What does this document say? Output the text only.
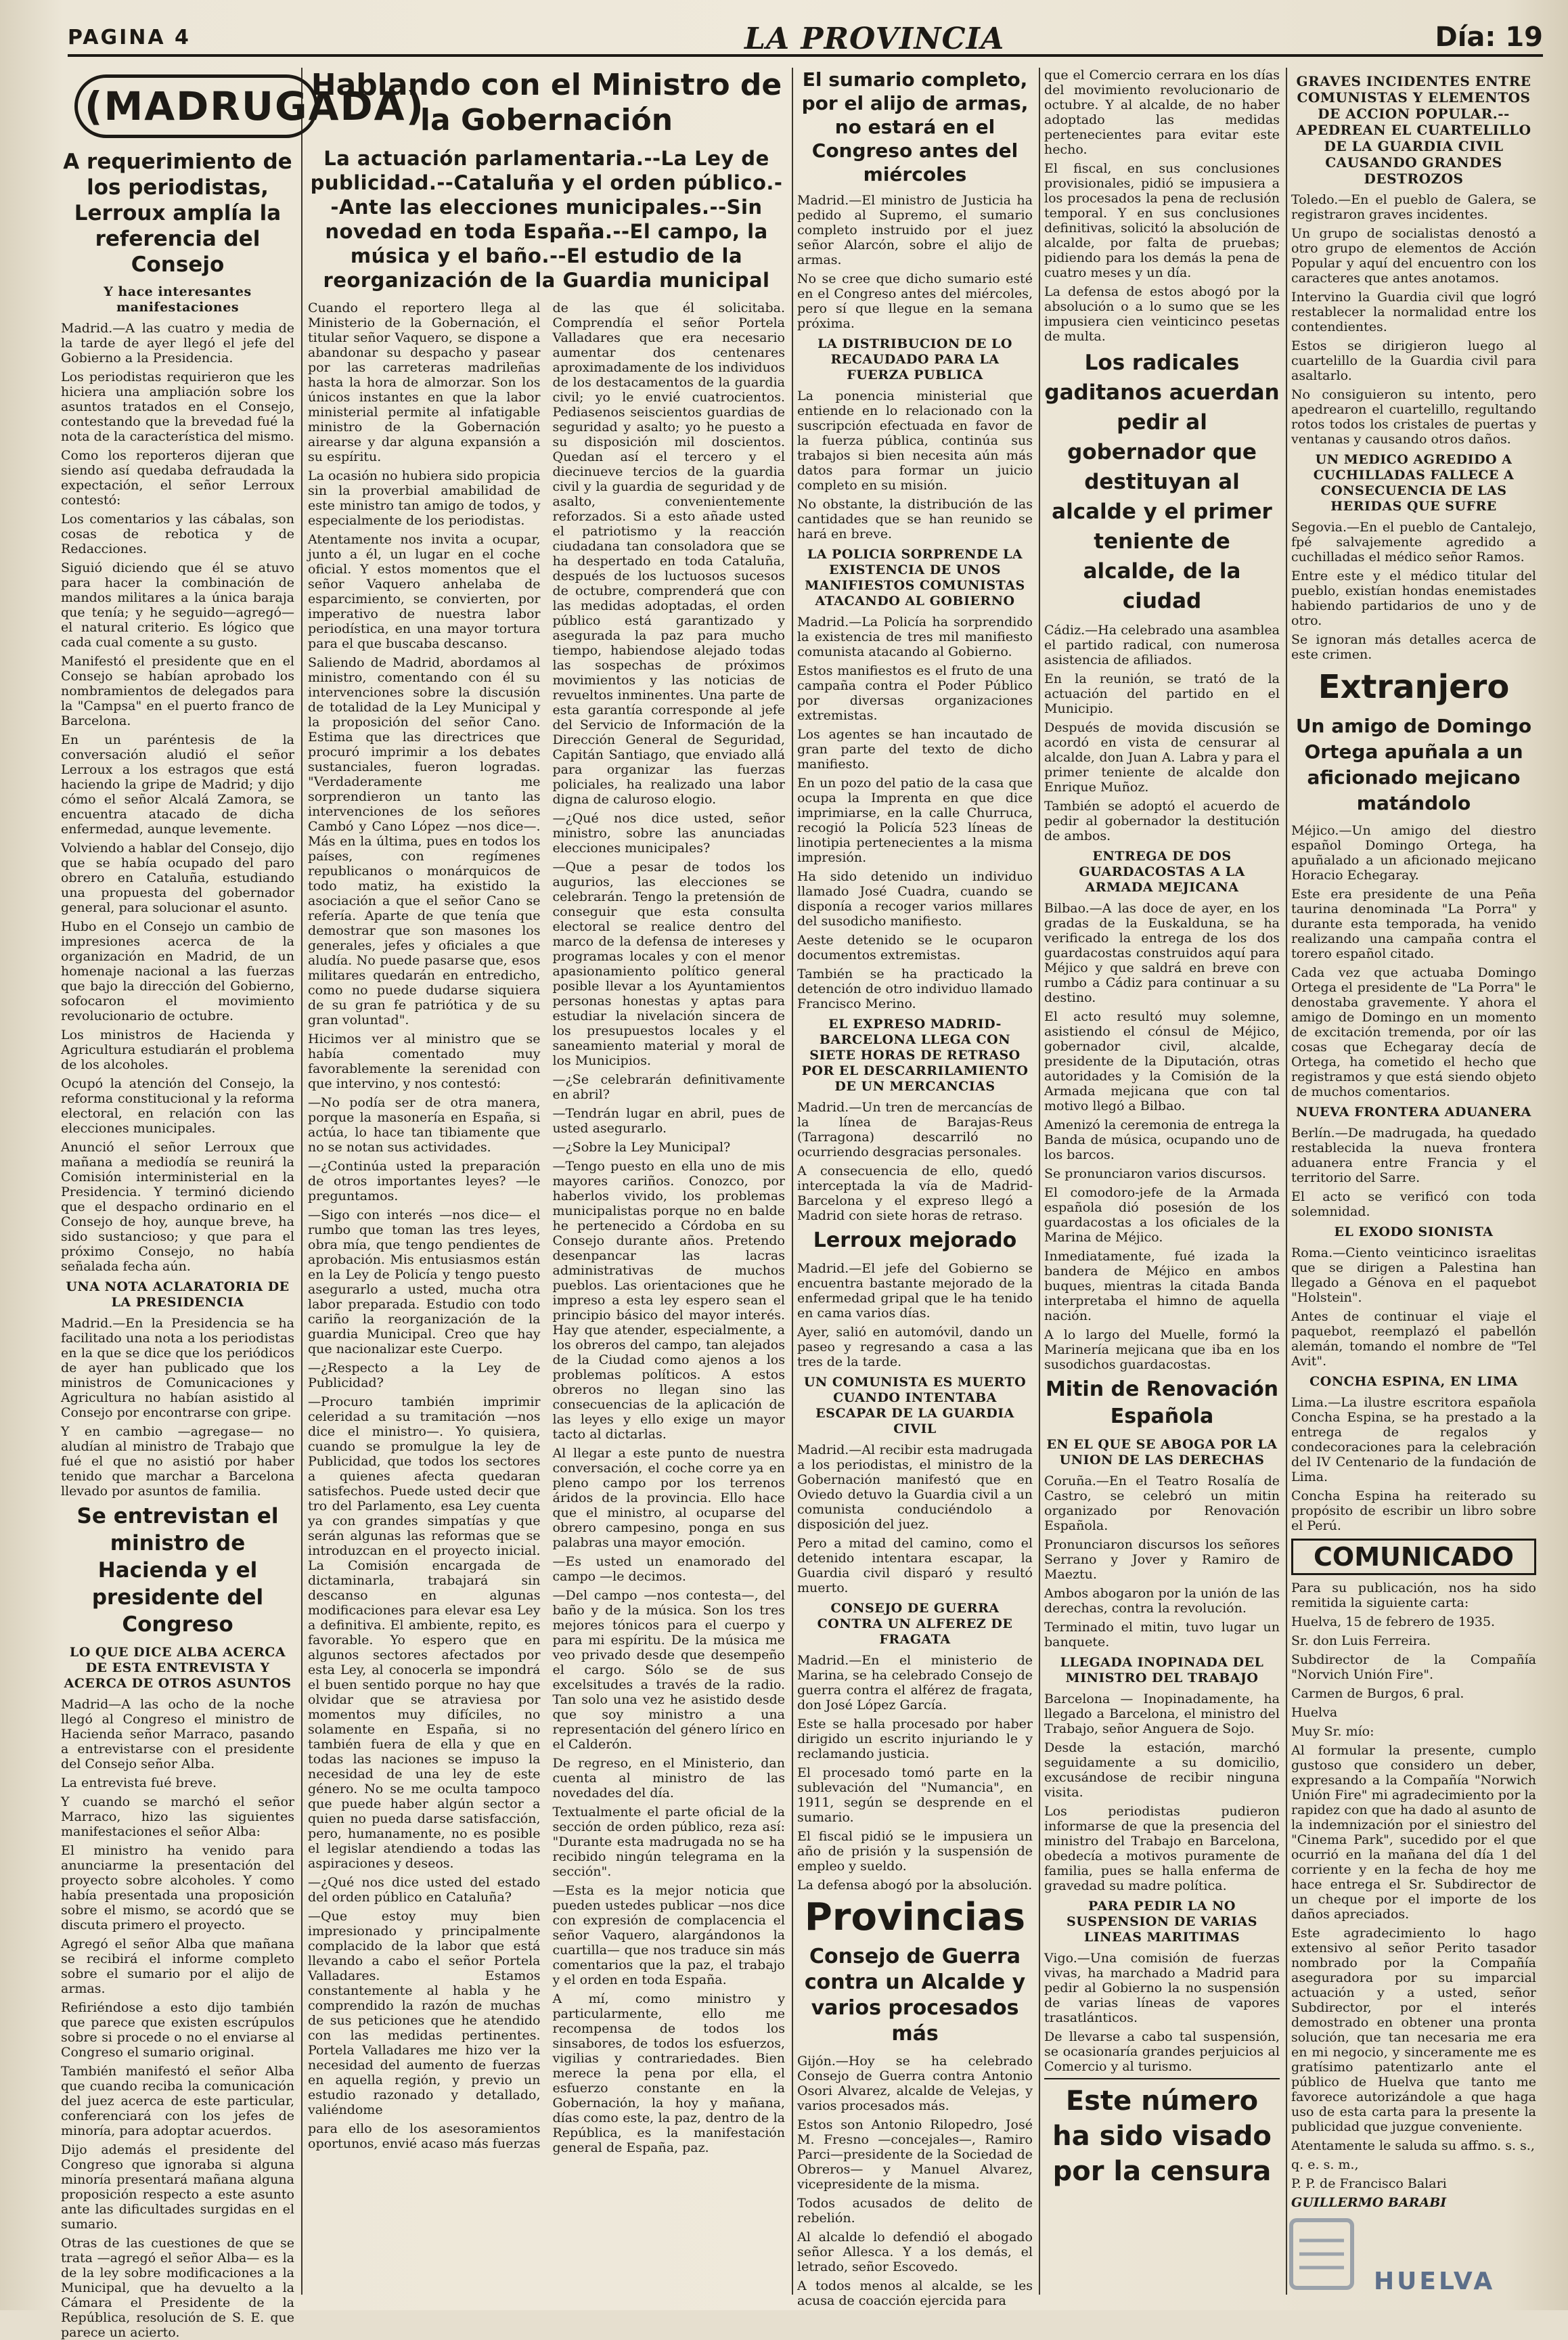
PAGINA 4	LA PROVINCIA	Día: 19
(MADRUGADA)
A requerimiento de los periodistas, Lerroux amplía la referencia del Consejo
Y hace interesantes manifestaciones

Madrid.—A las cuatro y media de la tarde de ayer llegó el jefe del Gobierno a la Presidencia.

Los periodistas requirieron que les hiciera una ampliación sobre los asuntos tratados en el Consejo, contestando que la brevedad fué la nota de la característica del mismo.

Como los reporteros dijeran que siendo así quedaba defraudada la expectación, el señor Lerroux contestó:

Los comentarios y las cábalas, son cosas de rebotica y de Redacciones.

Siguió diciendo que él se atuvo para hacer la combinación de mandos militares a la única baraja que tenía; y he seguido—agregó—el natural criterio. Es lógico que cada cual comente a su gusto.

Manifestó el presidente que en el Consejo se habían aprobado los nombramientos de delegados para la "Campsa" en el puerto franco de Barcelona.

En un paréntesis de la conversación aludió el señor Lerroux a los estragos que está haciendo la gripe de Madrid; y dijo cómo el señor Alcalá Zamora, se encuentra atacado de dicha enfermedad, aunque levemente.

Volviendo a hablar del Consejo, dijo que se había ocupado del paro obrero en Cataluña, estudiando una propuesta del gobernador general, para solucionar el asunto.

Hubo en el Consejo un cambio de impresiones acerca de la organización en Madrid, de un homenaje nacional a las fuerzas que bajo la dirección del Gobierno, sofocaron el movimiento revolucionario de octubre.

Los ministros de Hacienda y Agricultura estudiarán el problema de los alcoholes.

Ocupó la atención del Consejo, la reforma constitucional y la reforma electoral, en relación con las elecciones municipales.

Anunció el señor Lerroux que mañana a mediodía se reunirá la Comisión interministerial en la Presidencia. Y terminó diciendo que el despacho ordinario en el Consejo de hoy, aunque breve, ha sido sustancioso; y que para el próximo Consejo, no había señalada fecha aún.

UNA NOTA ACLARATORIA DE LA PRESIDENCIA

Madrid.—En la Presidencia se ha facilitado una nota a los periodistas en la que se dice que los periódicos de ayer han publicado que los ministros de Comunicaciones y Agricultura no habían asistido al Consejo por encontrarse con gripe.

Y en cambio —agregase— no aludían al ministro de Trabajo que fué el que no asistió por haber tenido que marchar a Barcelona llevado por asuntos de familia.

Se entrevistan el ministro de Hacienda y el presidente del Congreso
LO QUE DICE ALBA ACERCA DE ESTA ENTREVISTA Y ACERCA DE OTROS ASUNTOS

Madrid—A las ocho de la noche llegó al Congreso el ministro de Hacienda señor Marraco, pasando a entrevistarse con el presidente del Consejo señor Alba.

La entrevista fué breve.

Y cuando se marchó el señor Marraco, hizo las siguientes manifestaciones el señor Alba:

El ministro ha venido para anunciarme la presentación del proyecto sobre alcoholes. Y como había presentada una proposición sobre el mismo, se acordó que se discuta primero el proyecto.

Agregó el señor Alba que mañana se recibirá el informe completo sobre el sumario por el alijo de armas.

Refiriéndose a esto dijo también que parece que existen escrúpulos sobre si procede o no el enviarse al Congreso el sumario original.

También manifestó el señor Alba que cuando reciba la comunicación del juez acerca de este particular, conferenciará con los jefes de minoría, para adoptar acuerdos.

Dijo además el presidente del Congreso que ignoraba si alguna minoría presentará mañana alguna proposición respecto a este asunto ante las dificultades surgidas en el sumario.

Otras de las cuestiones de que se trata —agregó el señor Alba— es la de la ley sobre modificaciones a la Municipal, que ha devuelto a la Cámara el Presidente de la República, resolución de S. E. que parece un acierto.

Hablando con el Ministro de la Gobernación
La actuación parlamentaria.--La Ley de publicidad.--Cataluña y el orden público.--Ante las elecciones municipales.--Sin novedad en toda España.--El campo, la música y el baño.--El estudio de la reorganización de la Guardia municipal

Cuando el reportero llega al Ministerio de la Gobernación, el titular señor Vaquero, se dispone a abandonar su despacho y pasear por las carreteras madrileñas hasta la hora de almorzar. Son los únicos instantes en que la labor ministerial permite al infatigable ministro de la Gobernación airearse y dar alguna expansión a su espíritu.

La ocasión no hubiera sido propicia sin la proverbial amabilidad de este ministro tan amigo de todos, y especialmente de los periodistas.

Atentamente nos invita a ocupar, junto a él, un lugar en el coche oficial. Y estos momentos que el señor Vaquero anhelaba de esparcimiento, se convierten, por imperativo de nuestra labor periodística, en una mayor tortura para el que buscaba descanso.

Saliendo de Madrid, abordamos al ministro, comentando con él su intervenciones sobre la discusión de totalidad de la Ley Municipal y la proposición del señor Cano. Estima que las directrices que procuró imprimir a los debates sustanciales, fueron logradas. "Verdaderamente me sorprendieron un tanto las intervenciones de los señores Cambó y Cano López —nos dice—. Más en la última, pues en todos los países, con regímenes republicanos o monárquicos de todo matiz, ha existido la asociación a que el señor Cano se refería. Aparte de que tenía que demostrar que son masones los generales, jefes y oficiales a que aludía. No puede pasarse que, esos militares quedarán en entredicho, como no puede dudarse siquiera de su gran fe patriótica y de su gran voluntad".

Hicimos ver al ministro que se había comentado muy favorablemente la serenidad con que intervino, y nos contestó:

—No podía ser de otra manera, porque la masonería en España, si actúa, lo hace tan tibiamente que no se notan sus actividades.

—¿Continúa usted la preparación de otros importantes leyes? —le preguntamos.

—Sigo con interés —nos dice— el rumbo que toman las tres leyes, obra mía, que tengo pendientes de aprobación. Mis entusiasmos están en la Ley de Policía y tengo puesto asegurarlo a usted, mucha otra labor preparada. Estudio con todo cariño la reorganización de la guardia Municipal. Creo que hay que nacionalizar este Cuerpo.

—¿Respecto a la Ley de Publicidad?

—Procuro también imprimir celeridad a su tramitación —nos dice el ministro—. Yo quisiera, cuando se promulgue la ley de Publicidad, que todos los sectores a quienes afecta quedaran satisfechos. Puede usted decir que tro del Parlamento, esa Ley cuenta ya con grandes simpatías y que serán algunas las reformas que se introduzcan en el proyecto inicial. La Comisión encargada de dictaminarla, trabajará sin descanso en algunas modificaciones para elevar esa Ley a definitiva. El ambiente, repito, es favorable. Yo espero que en algunos sectores afectados por esta Ley, al conocerla se impondrá el buen sentido porque no hay que olvidar que se atraviesa por momentos muy difíciles, no solamente en España, si no también fuera de ella y que en todas las naciones se impuso la necesidad de una ley de este género. No se me oculta tampoco que puede haber algún sector a quien no pueda darse satisfacción, pero, humanamente, no es posible el legislar atendiendo a todas las aspiraciones y deseos.

—¿Qué nos dice usted del estado del orden público en Cataluña?

—Que estoy muy bien impresionado y principalmente complacido de la labor que está llevando a cabo el señor Portela Valladares. Estamos constantemente al habla y he comprendido la razón de muchas de sus peticiones que he atendido con las medidas pertinentes. Portela Valladares me hizo ver la necesidad del aumento de fuerzas en aquella región, y previo un estudio razonado y detallado, valiéndome

para ello de los asesoramientos oportunos, envié acaso más fuerzas de las que él solicitaba. Comprendía el señor Portela Valladares que era necesario aumentar dos centenares aproximadamente de los individuos de los destacamentos de la guardia civil; yo le envié cuatrocientos. Pediasenos seiscientos guardias de seguridad y asalto; yo he puesto a su disposición mil doscientos. Quedan así el tercero y el diecinueve tercios de la guardia civil y la guardia de seguridad y de asalto, convenientemente reforzados. Si a esto añade usted el patriotismo y la reacción ciudadana tan consoladora que se ha despertado en toda Cataluña, después de los luctuosos sucesos de octubre, comprenderá que con las medidas adoptadas, el orden público está garantizado y asegurada la paz para mucho tiempo, habiendose alejado todas las sospechas de próximos movimientos y las noticias de revueltos inminentes. Una parte de esta garantía corresponde al jefe del Servicio de Información de la Dirección General de Seguridad, Capitán Santiago, que enviado allá para organizar las fuerzas policiales, ha realizado una labor digna de caluroso elogio.

—¿Qué nos dice usted, señor ministro, sobre las anunciadas elecciones municipales?

—Que a pesar de todos los augurios, las elecciones se celebrarán. Tengo la pretensión de conseguir que esta consulta electoral se realice dentro del marco de la defensa de intereses y programas locales y con el menor apasionamiento político general posible llevar a los Ayuntamientos personas honestas y aptas para estudiar la nivelación sincera de los presupuestos locales y el saneamiento material y moral de los Municipios.

—¿Se celebrarán definitivamente en abril?

—Tendrán lugar en abril, pues de usted asegurarlo.

—¿Sobre la Ley Municipal?

—Tengo puesto en ella uno de mis mayores cariños. Conozco, por haberlos vivido, los problemas municipalistas porque no en balde he pertenecido a Córdoba en su Consejo durante años. Pretendo desenpancar las lacras administrativas de muchos pueblos. Las orientaciones que he impreso a esta ley espero sean el principio básico del mayor interés. Hay que atender, especialmente, a los obreros del campo, tan alejados de la Ciudad como ajenos a los problemas políticos. A estos obreros no llegan sino las consecuencias de la aplicación de las leyes y ello exige un mayor tacto al dictarlas.

Al llegar a este punto de nuestra conversación, el coche corre ya en pleno campo por los terrenos áridos de la provincia. Ello hace que el ministro, al ocuparse del obrero campesino, ponga en sus palabras una mayor emoción.

—Es usted un enamorado del campo —le decimos.

—Del campo —nos contesta—, del baño y de la música. Son los tres mejores tónicos para el cuerpo y para mi espíritu. De la música me veo privado desde que desempeño el cargo. Sólo se de sus excelsitudes a través de la radio. Tan solo una vez he asistido desde que soy ministro a una representación del género lírico en el Calderón.

De regreso, en el Ministerio, dan cuenta al ministro de las novedades del día.

Textualmente el parte oficial de la sección de orden público, reza así: "Durante esta madrugada no se ha recibido ningún telegrama en la sección".

—Esta es la mejor noticia que pueden ustedes publicar —nos dice con expresión de complacencia el señor Vaquero, alargándonos la cuartilla— que nos traduce sin más comentarios que la paz, el trabajo y el orden en toda España.

A mí, como ministro y particularmente, ello me recompensa de todos los sinsabores, de todos los esfuerzos, vigilias y contrariedades. Bien merece la pena por ella, el esfuerzo constante en la Gobernación, la hoy y mañana, días como este, la paz, dentro de la República, es la manifestación general de España, paz.

El sumario completo, por el alijo de armas, no estará en el Congreso antes del miércoles

Madrid.—El ministro de Justicia ha pedido al Supremo, el sumario completo instruido por el juez señor Alarcón, sobre el alijo de armas.

No se cree que dicho sumario esté en el Congreso antes del miércoles, pero sí que llegue en la semana próxima.

LA DISTRIBUCION DE LO RECAUDADO PARA LA FUERZA PUBLICA

La ponencia ministerial que entiende en lo relacionado con la suscripción efectuada en favor de la fuerza pública, continúa sus trabajos si bien necesita aún más datos para formar un juicio completo en su misión.

No obstante, la distribución de las cantidades que se han reunido se hará en breve.

LA POLICIA SORPRENDE LA EXISTENCIA DE UNOS MANIFIESTOS COMUNISTAS ATACANDO AL GOBIERNO

Madrid.—La Policía ha sorprendido la existencia de tres mil manifiesto comunista atacando al Gobierno.

Estos manifiestos es el fruto de una campaña contra el Poder Público por diversas organizaciones extremistas.

Los agentes se han incautado de gran parte del texto de dicho manifiesto.

En un pozo del patio de la casa que ocupa la Imprenta en que dice imprimiarse, en la calle Churruca, recogió la Policía 523 líneas de linotipia pertenecientes a la misma impresión.

Ha sido detenido un individuo llamado José Cuadra, cuando se disponía a recoger varios millares del susodicho manifiesto.

Aeste detenido se le ocuparon documentos extremistas.

También se ha practicado la detención de otro individuo llamado Francisco Merino.

EL EXPRESO MADRID-BARCELONA LLEGA CON SIETE HORAS DE RETRASO POR EL DESCARRILAMIENTO DE UN MERCANCIAS

Madrid.—Un tren de mercancías de la línea de Barajas-Reus (Tarragona) descarriló no ocurriendo desgracias personales.

A consecuencia de ello, quedó interceptada la vía de Madrid-Barcelona y el expreso llegó a Madrid con siete horas de retraso.

Lerroux mejorado

Madrid.—El jefe del Gobierno se encuentra bastante mejorado de la enfermedad gripal que le ha tenido en cama varios días.

Ayer, salió en automóvil, dando un paseo y regresando a casa a las tres de la tarde.

UN COMUNISTA ES MUERTO CUANDO INTENTABA ESCAPAR DE LA GUARDIA CIVIL

Madrid.—Al recibir esta madrugada a los periodistas, el ministro de la Gobernación manifestó que en Oviedo detuvo la Guardia civil a un comunista conduciéndolo a disposición del juez.

Pero a mitad del camino, como el detenido intentara escapar, la Guardia civil disparó y resultó muerto.

CONSEJO DE GUERRA CONTRA UN ALFEREZ DE FRAGATA

Madrid.—En el ministerio de Marina, se ha celebrado Consejo de guerra contra el alférez de fragata, don José López García.

Este se halla procesado por haber dirigido un escrito injuriando le y reclamando justicia.

El procesado tomó parte en la sublevación del "Numancia", en 1911, según se desprende en el sumario.

El fiscal pidió se le impusiera un año de prisión y la suspensión de empleo y sueldo.

La defensa abogó por la absolución.

Provincias
Consejo de Guerra contra un Alcalde y varios procesados más

Gijón.—Hoy se ha celebrado Consejo de Guerra contra Antonio Osori Alvarez, alcalde de Velejas, y varios procesados más.

Estos son Antonio Rilopedro, José M. Fresno —concejales—, Ramiro Parci—presidente de la Sociedad de Obreros— y Manuel Alvarez, vicepresidente de la misma.

Todos acusados de delito de rebelión.

Al alcalde lo defendió el abogado señor Allesca. Y a los demás, el letrado, señor Escovedo.

A todos menos al alcalde, se les acusa de coacción ejercida para

que el Comercio cerrara en los días del movimiento revolucionario de octubre. Y al alcalde, de no haber adoptado las medidas pertenecientes para evitar este hecho.

El fiscal, en sus conclusiones provisionales, pidió se impusiera a los procesados la pena de reclusión temporal. Y en sus conclusiones definitivas, solicitó la absolución de alcalde, por falta de pruebas; pidiendo para los demás la pena de cuatro meses y un día.

La defensa de estos abogó por la absolución o a lo sumo que se les impusiera cien veinticinco pesetas de multa.

Los radicales gaditanos acuerdan pedir al gobernador que destituyan al alcalde y el primer teniente de alcalde, de la ciudad

Cádiz.—Ha celebrado una asamblea el partido radical, con numerosa asistencia de afiliados.

En la reunión, se trató de la actuación del partido en el Municipio.

Después de movida discusión se acordó en vista de censurar al alcalde, don Juan A. Labra y para el primer teniente de alcalde don Enrique Muñoz.

También se adoptó el acuerdo de pedir al gobernador la destitución de ambos.

ENTREGA DE DOS GUARDACOSTAS A LA ARMADA MEJICANA

Bilbao.—A las doce de ayer, en los gradas de la Euskalduna, se ha verificado la entrega de los dos guardacostas construidos aquí para Méjico y que saldrá en breve con rumbo a Cádiz para continuar a su destino.

El acto resultó muy solemne, asistiendo el cónsul de Méjico, gobernador civil, alcalde, presidente de la Diputación, otras autoridades y la Comisión de la Armada mejicana que con tal motivo llegó a Bilbao.

Amenizó la ceremonia de entrega la Banda de música, ocupando uno de los barcos.

Se pronunciaron varios discursos.

El comodoro-jefe de la Armada española dió posesión de los guardacostas a los oficiales de la Marina de Méjico.

Inmediatamente, fué izada la bandera de Méjico en ambos buques, mientras la citada Banda interpretaba el himno de aquella nación.

A lo largo del Muelle, formó la Marinería mejicana que iba en los susodichos guardacostas.

Mitin de Renovación Española
EN EL QUE SE ABOGA POR LA UNION DE LAS DERECHAS

Coruña.—En el Teatro Rosalía de Castro, se celebró un mitin organizado por Renovación Española.

Pronunciaron discursos los señores Serrano y Jover y Ramiro de Maeztu.

Ambos abogaron por la unión de las derechas, contra la revolución.

Terminado el mitin, tuvo lugar un banquete.

LLEGADA INOPINADA DEL MINISTRO DEL TRABAJO

Barcelona — Inopinadamente, ha llegado a Barcelona, el ministro del Trabajo, señor Anguera de Sojo.

Desde la estación, marchó seguidamente a su domicilio, excusándose de recibir ninguna visita.

Los periodistas pudieron informarse de que la presencia del ministro del Trabajo en Barcelona, obedecía a motivos puramente de familia, pues se halla enferma de gravedad su madre política.

PARA PEDIR LA NO SUSPENSION DE VARIAS LINEAS MARITIMAS

Vigo.—Una comisión de fuerzas vivas, ha marchado a Madrid para pedir al Gobierno la no suspensión de varias líneas de vapores trasatlánticos.

De llevarse a cabo tal suspensión, se ocasionaría grandes perjuicios al Comercio y al turismo.

Este número ha sido visado por la censura
GRAVES INCIDENTES ENTRE COMUNISTAS Y ELEMENTOS DE ACCION POPULAR.--APEDREAN EL CUARTELILLO DE LA GUARDIA CIVIL CAUSANDO GRANDES DESTROZOS

Toledo.—En el pueblo de Galera, se registraron graves incidentes.

Un grupo de socialistas denostó a otro grupo de elementos de Acción Popular y aquí del encuentro con los caracteres que antes anotamos.

Intervino la Guardia civil que logró restablecer la normalidad entre los contendientes.

Estos se dirigieron luego al cuartelillo de la Guardia civil para asaltarlo.

No consiguieron su intento, pero apedrearon el cuartelillo, regultando rotos todos los cristales de puertas y ventanas y causando otros daños.

UN MEDICO AGREDIDO A CUCHILLADAS FALLECE A CONSECUENCIA DE LAS HERIDAS QUE SUFRE

Segovia.—En el pueblo de Cantalejo, fpé salvajemente agredido a cuchilladas el médico señor Ramos.

Entre este y el médico titular del pueblo, existían hondas enemistades habiendo partidarios de uno y de otro.

Se ignoran más detalles acerca de este crimen.

Extranjero
Un amigo de Domingo Ortega apuñala a un aficionado mejicano matándolo

Méjico.—Un amigo del diestro español Domingo Ortega, ha apuñalado a un aficionado mejicano Horacio Echegaray.

Este era presidente de una Peña taurina denominada "La Porra" y durante esta temporada, ha venido realizando una campaña contra el torero español citado.

Cada vez que actuaba Domingo Ortega el presidente de "La Porra" le denostaba gravemente. Y ahora el amigo de Domingo en un momento de excitación tremenda, por oír las cosas que Echegaray decía de Ortega, ha cometido el hecho que registramos y que está siendo objeto de muchos comentarios.

NUEVA FRONTERA ADUANERA

Berlín.—De madrugada, ha quedado restablecida la nueva frontera aduanera entre Francia y el territorio del Sarre.

El acto se verificó con toda solemnidad.

EL EXODO SIONISTA

Roma.—Ciento veinticinco israelitas que se dirigen a Palestina han llegado a Génova en el paquebot "Holstein".

Antes de continuar el viaje el paquebot, reemplazó el pabellón alemán, tomando el nombre de "Tel Avit".

CONCHA ESPINA, EN LIMA

Lima.—La ilustre escritora española Concha Espina, se ha prestado a la entrega de regalos y condecoraciones para la celebración del IV Centenario de la fundación de Lima.

Concha Espina ha reiterado su propósito de escribir un libro sobre el Perú.

COMUNICADO

Para su publicación, nos ha sido remitida la siguiente carta:

Huelva, 15 de febrero de 1935.

Sr. don Luis Ferreira.

Subdirector de la Compañía "Norvich Unión Fire".

Carmen de Burgos, 6 pral.

Huelva

Muy Sr. mío:

Al formular la presente, cumplo gustoso que considero un deber, expresando a la Compañía "Norwich Unión Fire" mi agradecimiento por la rapidez con que ha dado al asunto de la indemnización por el siniestro del "Cinema Park", sucedido por el que ocurrió en la mañana del día 1 del corriente y en la fecha de hoy me hace entrega el Sr. Subdirector de un cheque por el importe de los daños apreciados.

Este agradecimiento lo hago extensivo al señor Perito tasador nombrado por la Compañía aseguradora por su imparcial actuación y a usted, señor Subdirector, por el interés demostrado en obtener una pronta solución, que tan necesaria me era en mi negocio, y sinceramente me es gratísimo patentizarlo ante el público de Huelva que tanto me favorece autorizándole a que haga uso de esta carta para la presente la publicidad que juzgue conveniente.

Atentamente le saluda su affmo. s. s.,

q. e. s. m.,

P. P. de Francisco Balari

GUILLERMO BARABI

HUELVA
